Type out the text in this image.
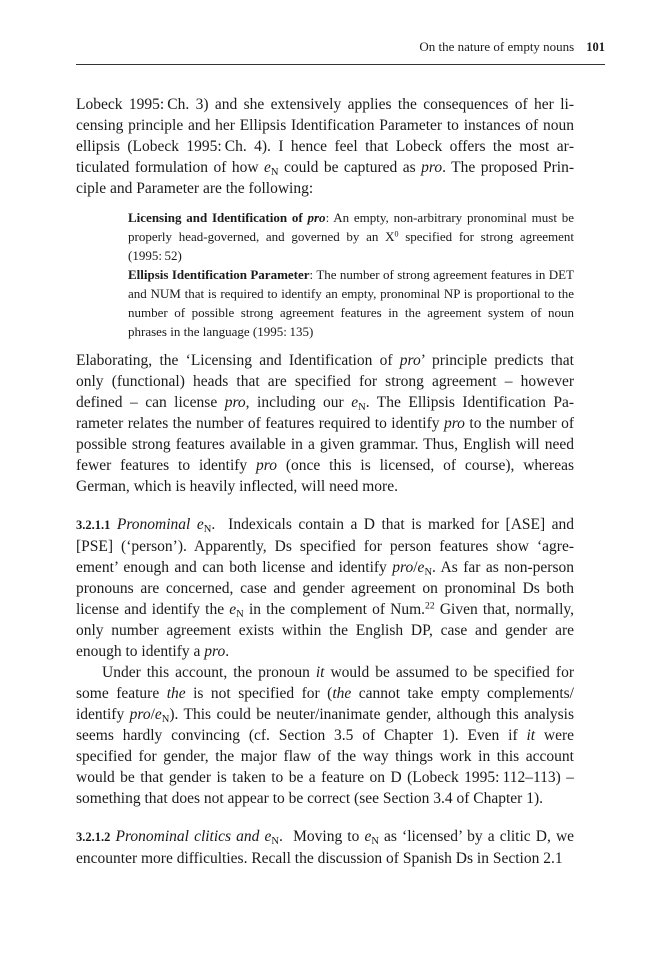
On the nature of empty nouns 101

Lobeck 1995: Ch. 3) and she extensively applies the consequences of her licensing principle and her Ellipsis Identification Parameter to instances of noun ellipsis (Lobeck 1995: Ch. 4). I hence feel that Lobeck offers the most articulated formulation of how $e_N$ could be captured as pro. The proposed Principle and Parameter are the following:

Licensing and Identification of pro: An empty, non-arbitrary pronominal must be properly head-governed, and governed by an $X^0$ specified for strong agreement (1995: 52)

Ellipsis Identification Parameter: The number of strong agreement features in DET and NUM that is required to identify an empty, pronominal NP is proportional to the number of possible strong agreement features in the agreement system of noun phrases in the language (1995: 135)

Elaborating, the ‘Licensing and Identification of pro’ principle predicts that only (functional) heads that are specified for strong agreement – however defined – can license pro, including our $e_N$. The Ellipsis Identification Parameter relates the number of features required to identify pro to the number of possible strong features available in a given grammar. Thus, English will need fewer features to identify pro (once this is licensed, of course), whereas German, which is heavily inflected, will need more.

3.2.1.1 Pronominal $e_N$. Indexicals contain a D that is marked for [ASE] and [PSE] (‘person’). Apparently, Ds specified for person features show ‘agreement’ enough and can both license and identify pro/$e_N$. As far as non-person pronouns are concerned, case and gender agreement on pronominal Ds both license and identify the $e_N$ in the complement of Num.$^{22}$ Given that, normally, only number agreement exists within the English DP, case and gender are enough to identify a pro.

Under this account, the pronoun it would be assumed to be specified for some feature the is not specified for (the cannot take empty complements/ identify pro/$e_N$). This could be neuter/inanimate gender, although this analysis seems hardly convincing (cf. Section 3.5 of Chapter 1). Even if it were specified for gender, the major flaw of the way things work in this account would be that gender is taken to be a feature on D (Lobeck 1995: 112–113) – something that does not appear to be correct (see Section 3.4 of Chapter 1).

3.2.1.2 Pronominal clitics and $e_N$. Moving to $e_N$ as ‘licensed’ by a clitic D, we encounter more difficulties. Recall the discussion of Spanish Ds in Section 2.1
